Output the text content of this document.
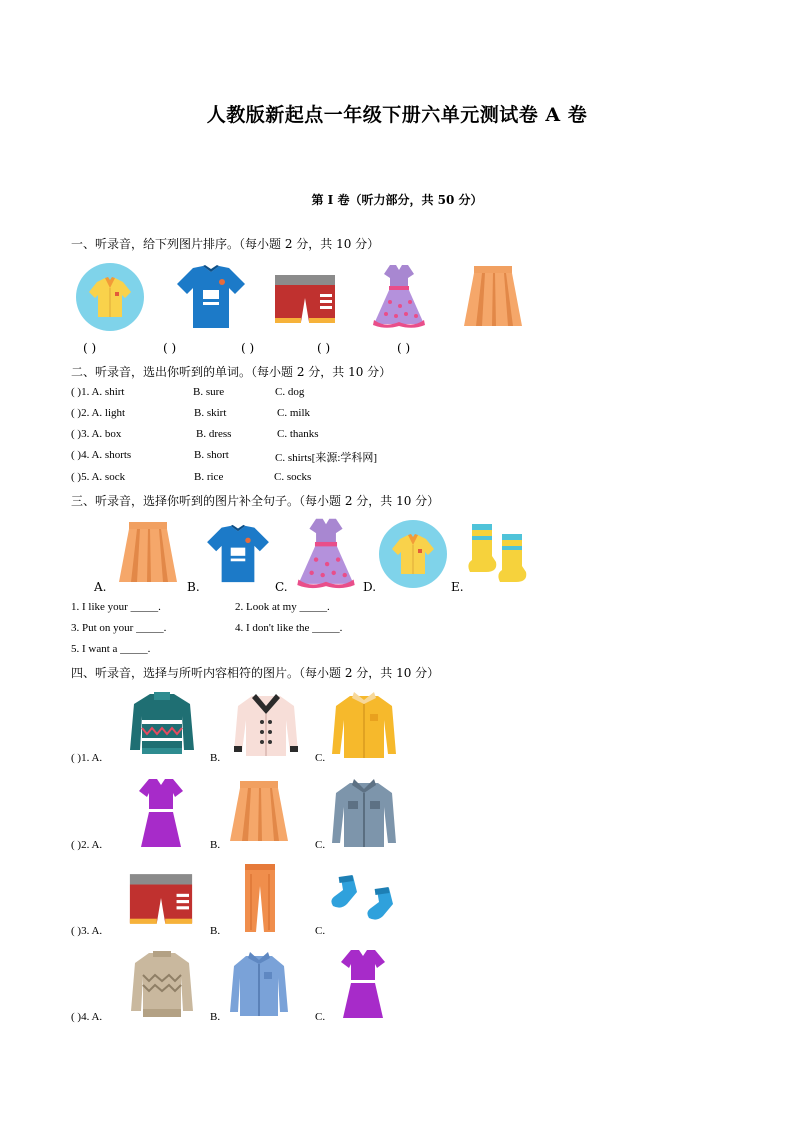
人教版新起点一年级下册六单元测试卷 A 卷
第 I 卷（听力部分，共 50 分）
一、听录音，给下列图片排序。（每小题 2 分，共 10 分）
( )	( )	( )	( )	( )
二、听录音，选出你听到的单词。（每小题 2 分，共 10 分）
( )1. A. shirt	B. sure	C. dog
( )2. A. light	B. skirt	C. milk
( )3. A. box	B. dress	C. thanks
( )4. A. shorts	B. short	C. shirts[来源:学科网]
( )5. A. sock	B. rice	C. socks
三、听录音，选择你听到的图片补全句子。（每小题 2 分，共 10 分）
A.	B.	C.	D.	E.
1. I like your _____.	2. Look at my _____.
3. Put on your _____.	4. I don't like the _____.
5. I want a _____.
四、听录音，选择与所听内容相符的图片。（每小题 2 分，共 10 分）
( )1. A.	B.	C.
( )2. A.	B.	C.
( )3. A.	B.	C.
( )4. A.	B.	C.
